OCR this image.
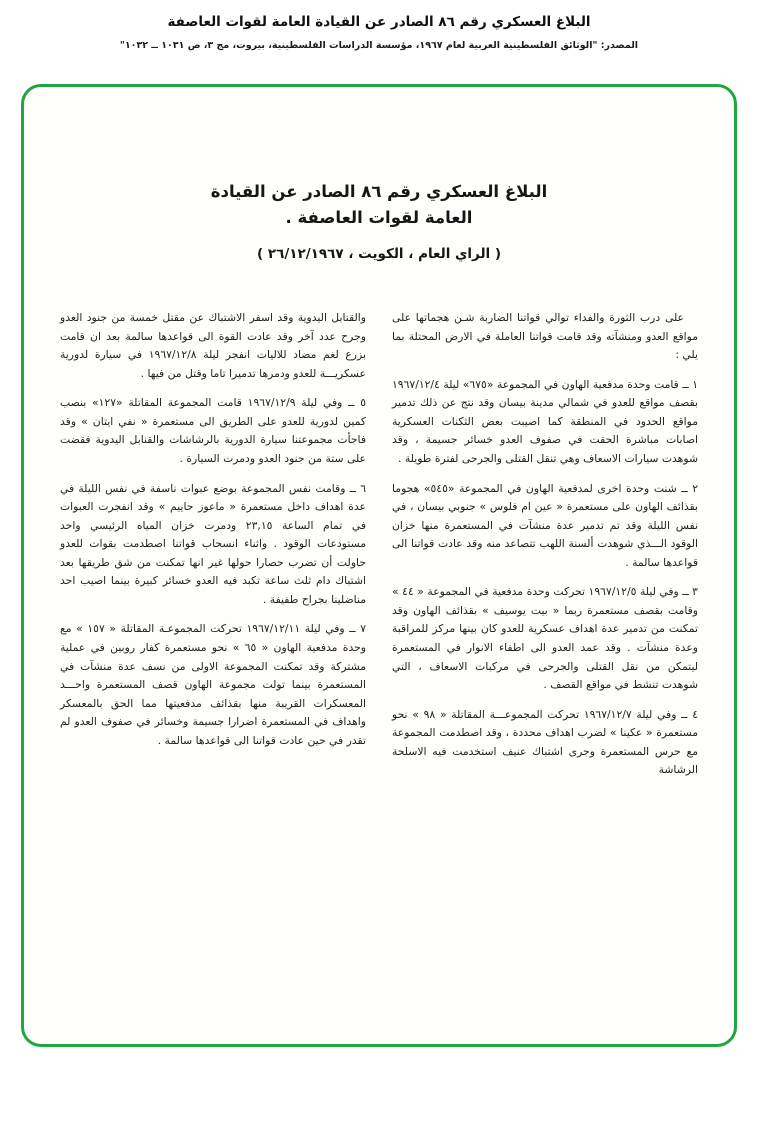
البلاغ العسكري رقم ٨٦ الصادر عن القيادة العامة لقوات العاصفة
المصدر: "الوثائق الفلسطينية العربية لعام ١٩٦٧، مؤسسة الدراسات الفلسطينية، بيروت، مج ٣، ص ١٠٣١ ــ ١٠٣٢"
البلاغ العسكري رقم ٨٦ الصادر عن القيادة
العامة لقوات العاصفة .
( الراي العام ، الكويت ، ٢٦/١٢/١٩٦٧ )

على درب الثورة والفداء توالي قواتنا الضاربة شـن هجماتها على مواقع العدو ومنشآته وقد قامت قواتنا العاملة في الارض المحتلة بما يلي :

١ ــ قامت وحدة مدفعية الهاون في المجموعة «٦٧٥» ليلة ١٩٦٧/١٢/٤ بقصف مواقع للعدو في شمالي مدينة بيسان وقد نتج عن ذلك تدمير مواقع الحدود في المنطقة كما اصيبت بعض الثكنات العسكرية اصابات مباشرة الحقت في صفوف العدو خسائر جسيمة ، وقد شوهدت سيارات الاسعاف وهي تنقل القتلى والجرحى لفترة طويلة .

٢ ــ شنت وحدة اخرى لمدفعية الهاون في المجموعة «٥٤٥» هجوما بقذائف الهاون على مستعمرة « عين ام فلوس » جنوبي بيسان ، في نفس الليلة وقد تم تدمير عدة منشآت في المستعمرة منها خزان الوقود الـــذي شوهدت ألسنة اللهب تتصاعد منه وقد عادت قواتنا الى قواعدها سالمة .

٣ ــ وفي ليلة ١٩٦٧/١٢/٥ تحركت وحدة مدفعية في المجموعة « ٤٤ » وقامت بقصف مستعمرة ربما « بيت يوسيف » بقذائف الهاون وقد تمكنت من تدمير عدة اهداف عسكرية للعدو كان بينها مركز للمراقبة وعدة منشآت . وقد عمد العدو الى اطفاء الانوار في المستعمرة ليتمكن من نقل القتلى والجرحى في مركبات الاسعاف ، التي شوهدت تنشط في مواقع القصف .

٤ ــ وفي ليلة ١٩٦٧/١٢/٧ تحركت المجموعـــة المقاتلة « ٩٨ » نحو مستعمرة « عكينا » لضرب اهداف محددة ، وقد اصطدمت المجموعة مع حرس المستعمرة وجرى اشتباك عنيف استخدمت فيه الاسلحة الرشاشة

والقنابل اليدوية وقد اسفر الاشتباك عن مقتل خمسة من جنود العدو وجرح عدد آخر وقد عادت القوة الى قواعدها سالمة بعد ان قامت بزرع لغم مضاد للاليات انفجر ليلة ١٩٦٧/١٢/٨ في سيارة لدورية عسكريـــة للعدو ودمرها تدميرا تاما وقتل من فيها .

٥ ــ وفي ليلة ١٩٦٧/١٢/٩ قامت المجموعة المقاتلة «١٢٧» بنصب كمين لدورية للعدو على الطريق الى مستعمرة « نفي ايتان » وقد فاجأت مجموعتنا سيارة الدورية بالرشاشات والقنابل اليدوية فقضت على ستة من جنود العدو ودمرت السيارة .

٦ ــ وقامت نفس المجموعة بوضع عبوات ناسفة في نفس الليلة في عدة اهداف داخل مستعمرة « ماعوز حاييم » وقد انفجرت العبوات في تمام الساعة ٢٣,١٥ ودمرت خزان المياه الرئيسي واحد مستودعات الوقود . واثناء انسحاب قواتنا اصطدمت بقوات للعدو حاولت أن تضرب حصارا حولها غير انها تمكنت من شق طريقها بعد اشتباك دام ثلث ساعة تكبد فيه العدو خسائر كبيرة بينما اصيب احد مناضلينا بجراح طفيفة .

٧ ــ وفي ليلة ١٩٦٧/١٢/١١ تحركت المجموعـة المقاتلة « ١٥٧ » مع وحدة مدفعية الهاون « ٦٥ » نحو مستعمرة كفار روبين في عملية مشتركة وقد تمكنت المجموعة الاولى من نسف عدة منشآت في المستعمرة بينما تولت مجموعة الهاون قصف المستعمرة واحـــد المعسكرات القريبة منها بقذائف مدفعيتها مما الحق بالمعسكر واهداف في المستعمرة اضرارا جسيمة وخسائر في صفوف العدو لم تقدر في حين عادت قواتنا الى قواعدها سالمة .
